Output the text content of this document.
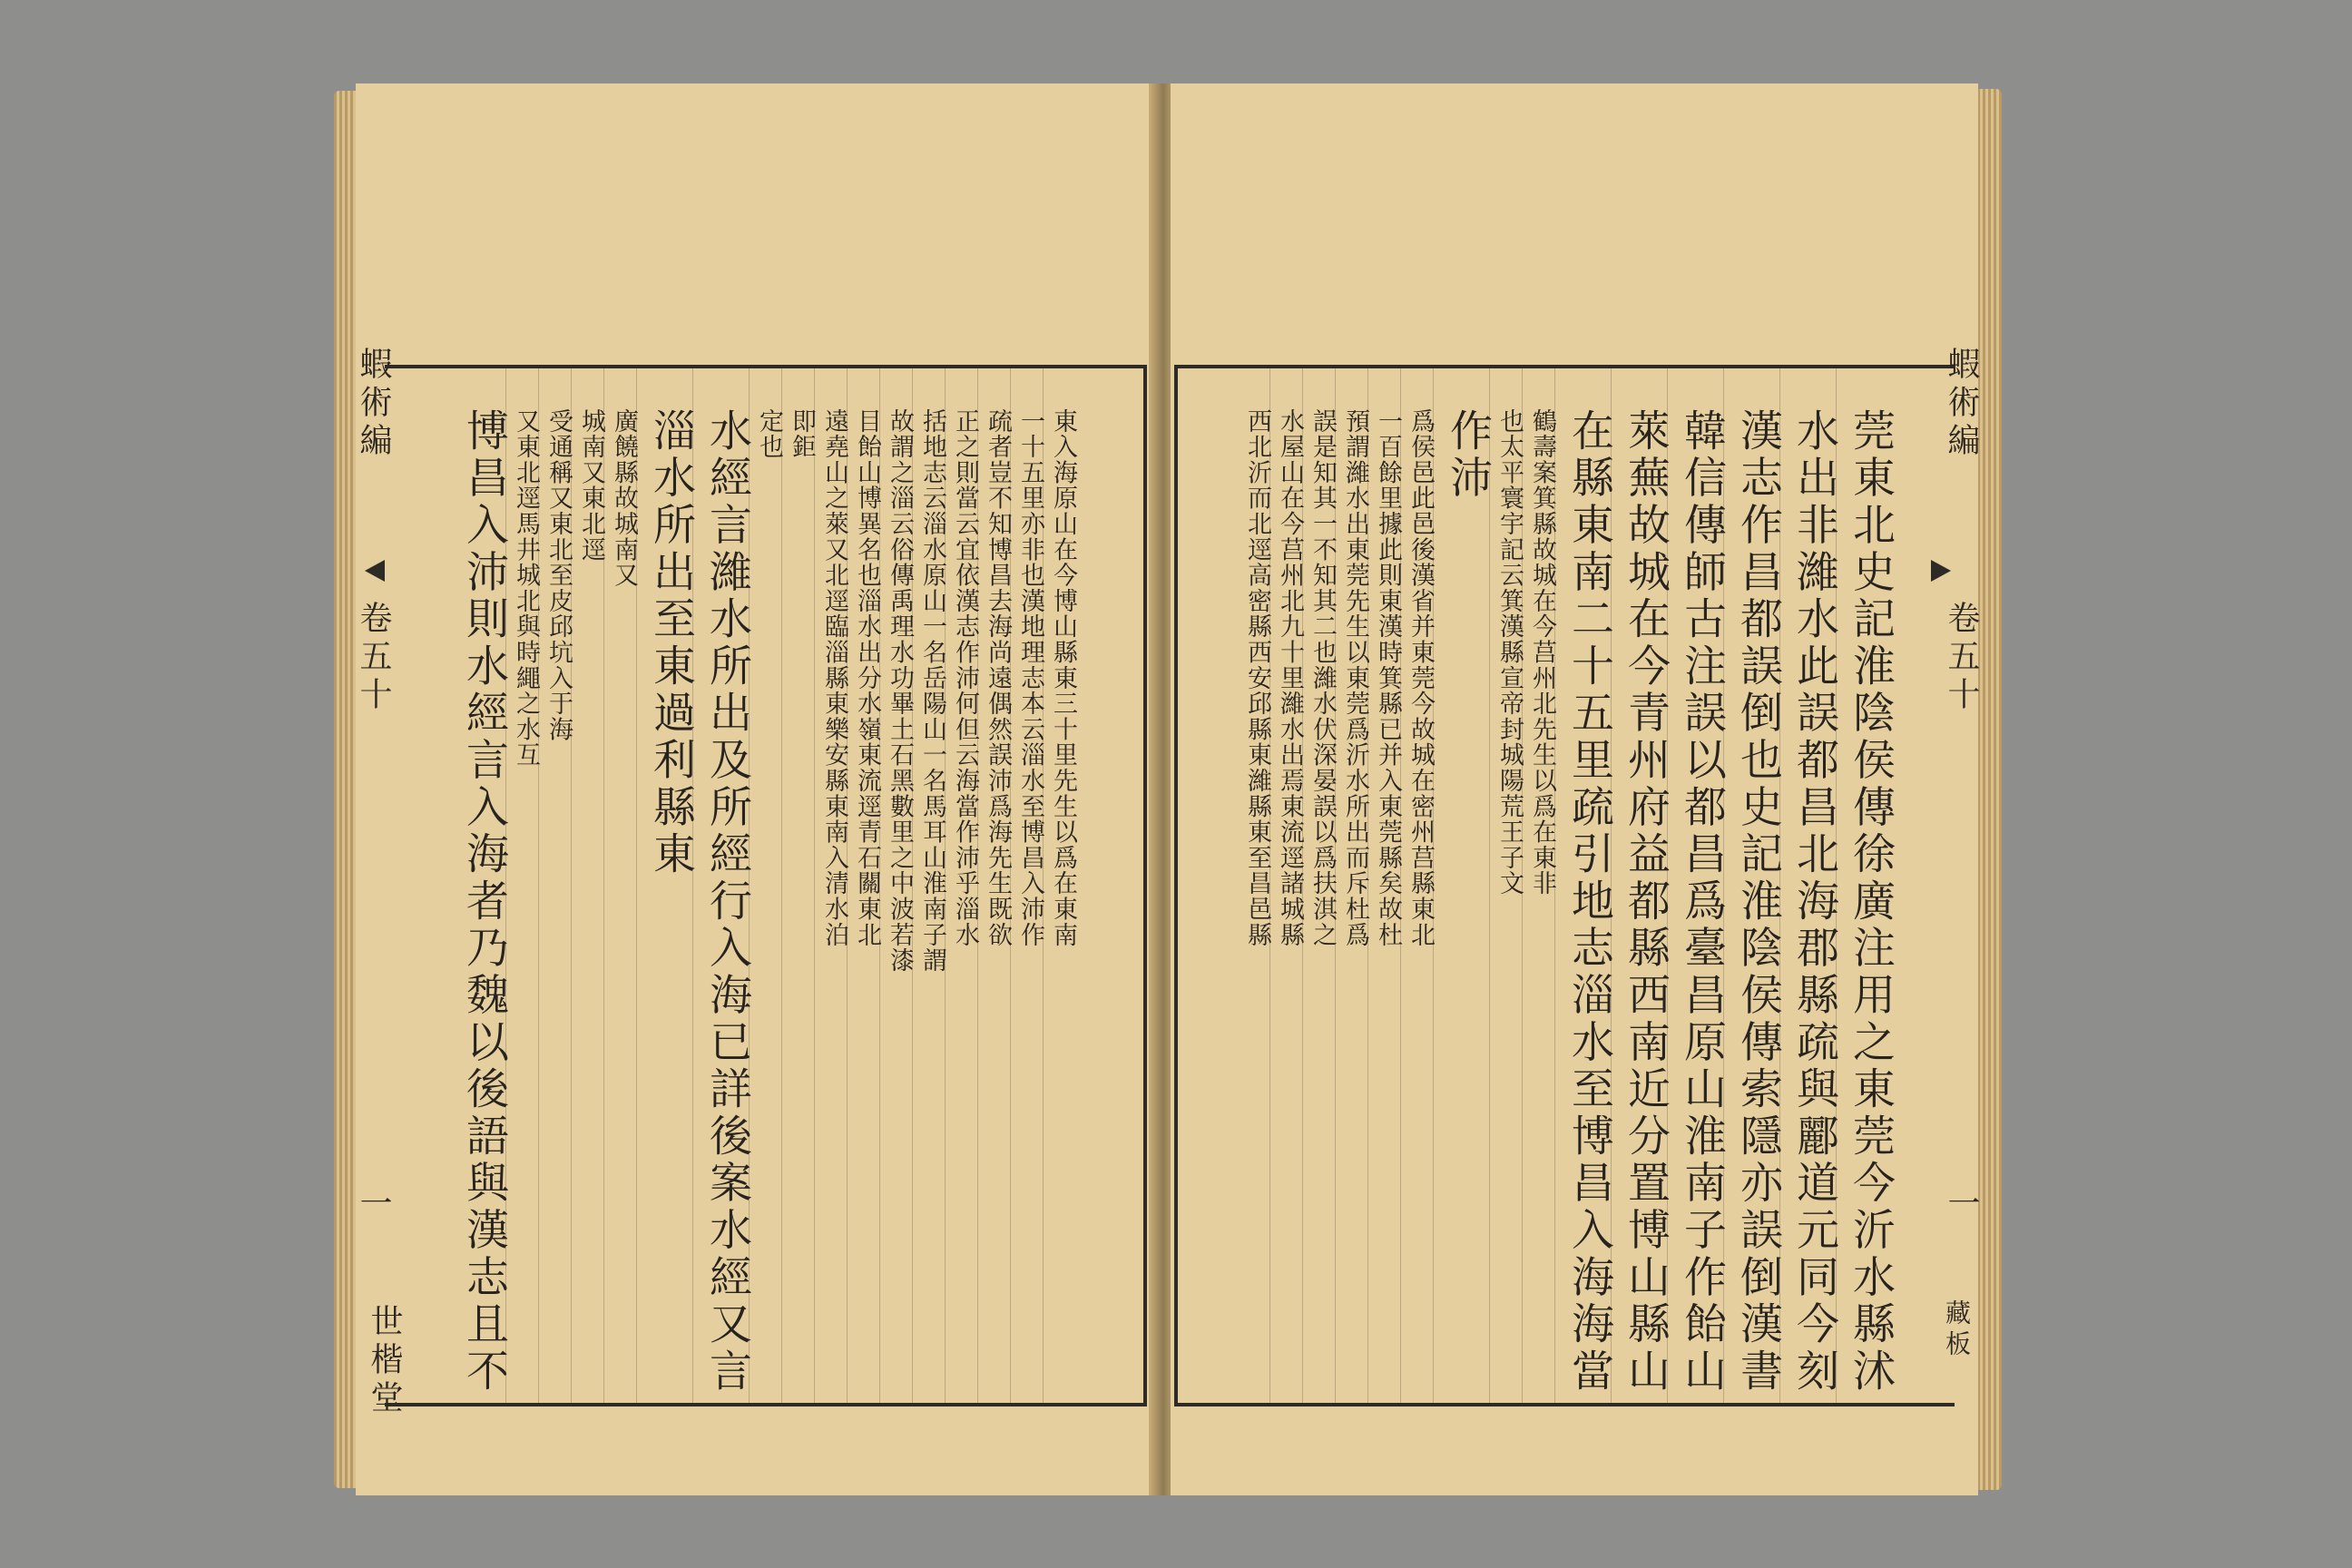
蝦術編
卷五十
一
世楷堂 博昌入沛則水經言入海者乃魏以後語與漢志且不 又東北逕馬井城北與時繩之水互 受通稱又東北至皮邱坑入于海 城南又東北逕 廣饒縣故城南又 淄水所出至東過利縣東 水經言濰水所出及所經行入海已詳後案水經又言 定也 即鉅 遠堯山之萊又北逕臨淄縣東樂安縣東南入清水泊 目飴山博異名也淄水出分水嶺東流逕青石關東北 故謂之淄云俗傳禹理水功畢土石黑數里之中波若漆 括地志云淄水原山一名岳陽山一名馬耳山淮南子謂 正之則當云宜依漢志作沛何但云海當作沛乎淄水 疏者豈不知博昌去海尚遠偶然誤沛爲海先生既欲 一十五里亦非也漢地理志本云淄水至博昌入沛作 東入海原山在今博山縣東三十里先生以爲在東南	西北沂而北逕高密縣西安邱縣東濰縣東至昌邑縣 水屋山在今莒州北九十里濰水出焉東流逕諸城縣 誤是知其一不知其二也濰水伏深晏誤以爲扶淇之 預謂濰水出東莞先生以東莞爲沂水所出而斥杜爲 一百餘里據此則東漢時箕縣已并入東莞縣矣故杜 爲侯邑此邑後漢省并東莞今故城在密州莒縣東北 作沛 也太平寰宇記云箕漢縣宣帝封城陽荒王子文 鶴壽案箕縣故城在今莒州北先生以爲在東非 在縣東南二十五里疏引地志淄水至博昌入海海當 萊蕪故城在今青州府益都縣西南近分置博山縣山 韓信傳師古注誤以都昌爲臺昌原山淮南子作飴山 漢志作昌都誤倒也史記淮陰侯傳索隱亦誤倒漢書 水出非濰水此誤都昌北海郡縣疏與酈道元同今刻 莞東北史記淮陰侯傳徐廣注用之東莞今沂水縣沭
蝦術編
卷五十
一
藏板
